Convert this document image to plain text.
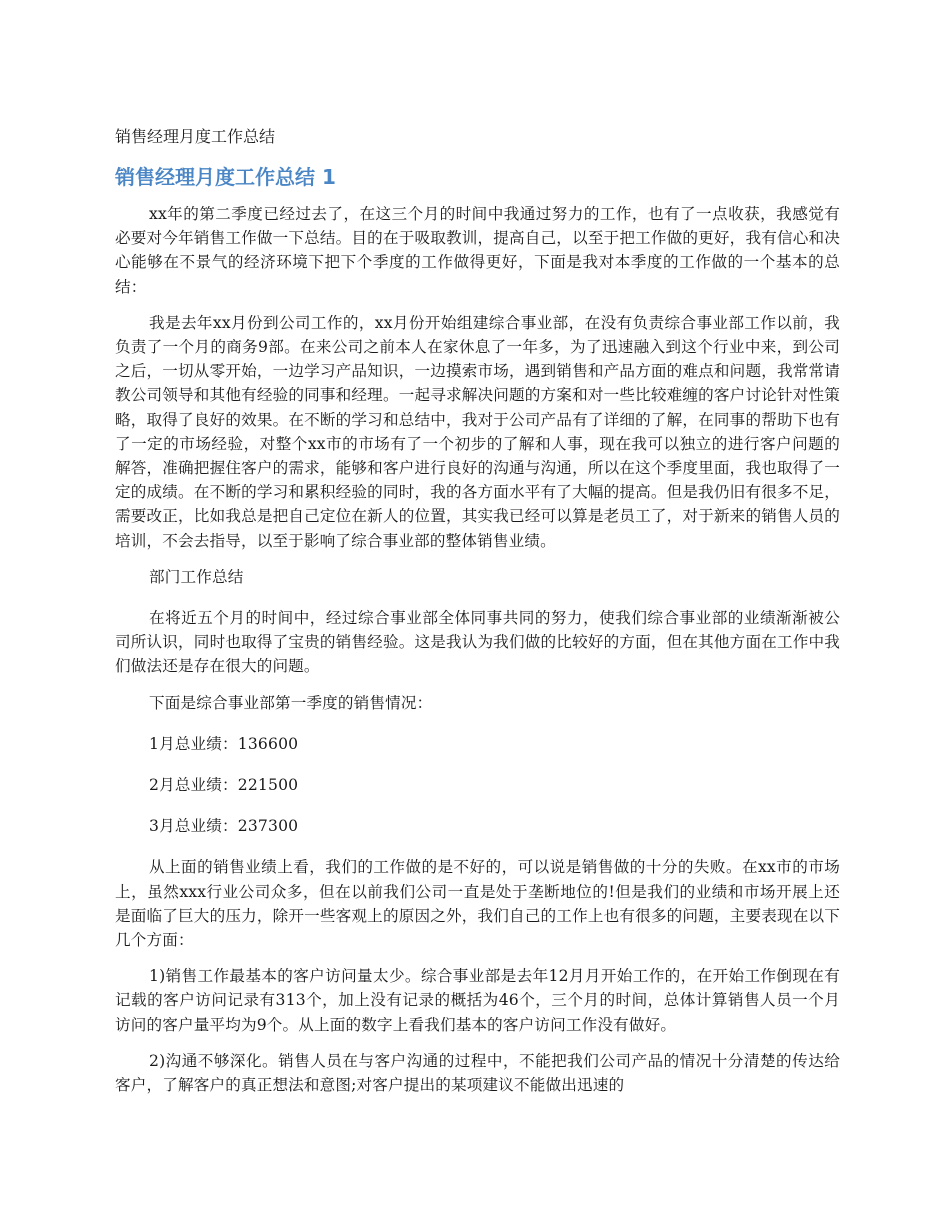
销售经理月度工作总结
销售经理月度工作总结 1

xx年的第二季度已经过去了，在这三个月的时间中我通过努力的工作，也有了一点收获，我感觉有必要对今年销售工作做一下总结。目的在于吸取教训，提高自己，以至于把工作做的更好，我有信心和决心能够在不景气的经济环境下把下个季度的工作做得更好，下面是我对本季度的工作做的一个基本的总结：

我是去年xx月份到公司工作的，xx月份开始组建综合事业部，在没有负责综合事业部工作以前，我负责了一个月的商务9部。在来公司之前本人在家休息了一年多，为了迅速融入到这个行业中来，到公司之后，一切从零开始，一边学习产品知识，一边摸索市场，遇到销售和产品方面的难点和问题，我常常请教公司领导和其他有经验的同事和经理。一起寻求解决问题的方案和对一些比较难缠的客户讨论针对性策略，取得了良好的效果。在不断的学习和总结中，我对于公司产品有了详细的了解，在同事的帮助下也有了一定的市场经验，对整个xx市的市场有了一个初步的了解和人事，现在我可以独立的进行客户问题的解答，准确把握住客户的需求，能够和客户进行良好的沟通与沟通，所以在这个季度里面，我也取得了一定的成绩。在不断的学习和累积经验的同时，我的各方面水平有了大幅的提高。但是我仍旧有很多不足，需要改正，比如我总是把自己定位在新人的位置，其实我已经可以算是老员工了，对于新来的销售人员的培训，不会去指导，以至于影响了综合事业部的整体销售业绩。

部门工作总结

在将近五个月的时间中，经过综合事业部全体同事共同的努力，使我们综合事业部的业绩渐渐被公司所认识，同时也取得了宝贵的销售经验。这是我认为我们做的比较好的方面，但在其他方面在工作中我们做法还是存在很大的问题。

下面是综合事业部第一季度的销售情况：

1月总业绩：136600

2月总业绩：221500

3月总业绩：237300

从上面的销售业绩上看，我们的工作做的是不好的，可以说是销售做的十分的失败。在xx市的市场上，虽然xxx行业公司众多，但在以前我们公司一直是处于垄断地位的!但是我们的业绩和市场开展上还是面临了巨大的压力，除开一些客观上的原因之外，我们自己的工作上也有很多的问题，主要表现在以下几个方面：

1)销售工作最基本的客户访问量太少。综合事业部是去年12月月开始工作的，在开始工作倒现在有记载的客户访问记录有313个，加上没有记录的概括为46个，三个月的时间，总体计算销售人员一个月访问的客户量平均为9个。从上面的数字上看我们基本的客户访问工作没有做好。

2)沟通不够深化。销售人员在与客户沟通的过程中，不能把我们公司产品的情况十分清楚的传达给客户，了解客户的真正想法和意图;对客户提出的某项建议不能做出迅速的
